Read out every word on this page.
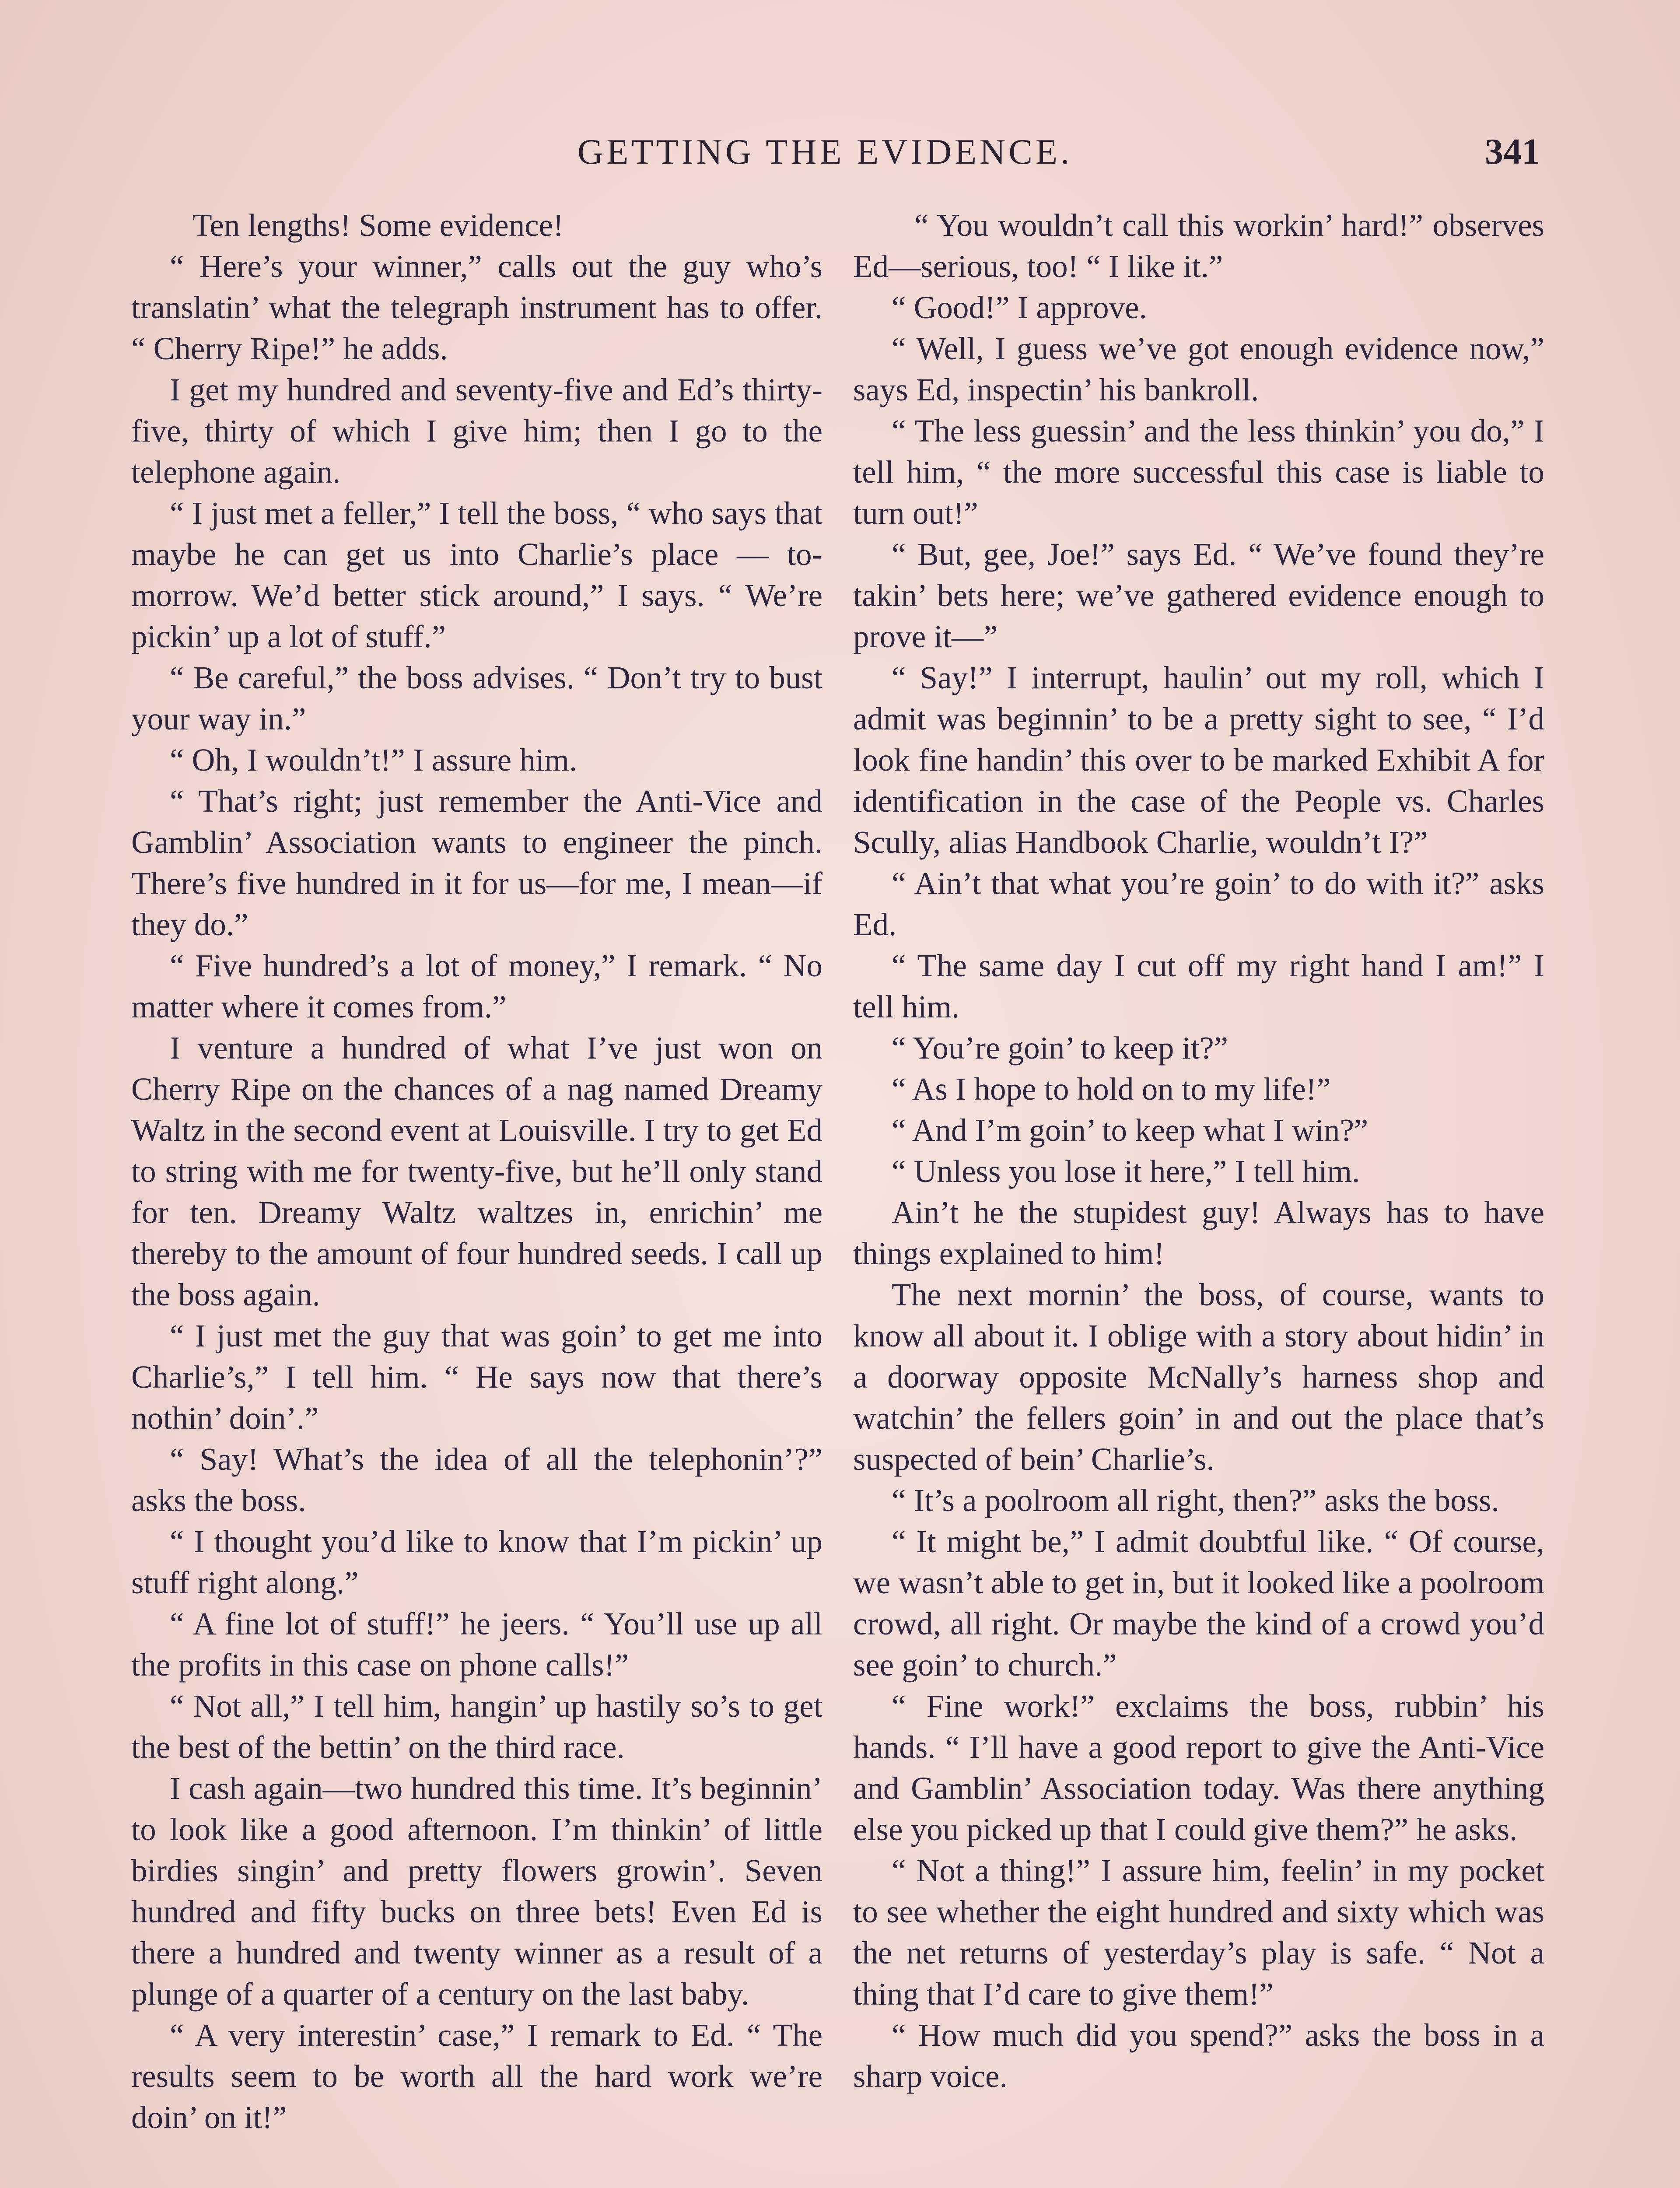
GETTING THE EVIDENCE.	341

Ten lengths! Some evidence!

“ Here’s your winner,” calls out the guy who’s translatin’ what the telegraph instrument has to offer. “ Cherry Ripe!” he adds.

I get my hundred and seventy-five and Ed’s thirty-five, thirty of which I give him; then I go to the telephone again.

“ I just met a feller,” I tell the boss, “ who says that maybe he can get us into Charlie’s place — to-morrow. We’d better stick around,” I says. “ We’re pickin’ up a lot of stuff.”

“ Be careful,” the boss advises. “ Don’t try to bust your way in.”

“ Oh, I wouldn’t!” I assure him.

“ That’s right; just remember the Anti-Vice and Gamblin’ Association wants to engineer the pinch. There’s five hundred in it for us—for me, I mean—if they do.”

“ Five hundred’s a lot of money,” I remark. “ No matter where it comes from.”

I venture a hundred of what I’ve just won on Cherry Ripe on the chances of a nag named Dreamy Waltz in the second event at Louisville. I try to get Ed to string with me for twenty-five, but he’ll only stand for ten. Dreamy Waltz waltzes in, enrichin’ me thereby to the amount of four hundred seeds. I call up the boss again.

“ I just met the guy that was goin’ to get me into Charlie’s,” I tell him. “ He says now that there’s nothin’ doin’.”

“ Say! What’s the idea of all the telephonin’?” asks the boss.

“ I thought you’d like to know that I’m pickin’ up stuff right along.”

“ A fine lot of stuff!” he jeers. “ You’ll use up all the profits in this case on phone calls!”

“ Not all,” I tell him, hangin’ up hastily so’s to get the best of the bettin’ on the third race.

I cash again—two hundred this time. It’s beginnin’ to look like a good afternoon. I’m thinkin’ of little birdies singin’ and pretty flowers growin’. Seven hundred and fifty bucks on three bets! Even Ed is there a hundred and twenty winner as a result of a plunge of a quarter of a century on the last baby.

“ A very interestin’ case,” I remark to Ed. “ The results seem to be worth all the hard work we’re doin’ on it!”

“ You wouldn’t call this workin’ hard!” observes Ed—serious, too! “ I like it.”

“ Good!” I approve.

“ Well, I guess we’ve got enough evidence now,” says Ed, inspectin’ his bankroll.

“ The less guessin’ and the less thinkin’ you do,” I tell him, “ the more successful this case is liable to turn out!”

“ But, gee, Joe!” says Ed. “ We’ve found they’re takin’ bets here; we’ve gathered evidence enough to prove it—”

“ Say!” I interrupt, haulin’ out my roll, which I admit was beginnin’ to be a pretty sight to see, “ I’d look fine handin’ this over to be marked Exhibit A for identification in the case of the People vs. Charles Scully, alias Handbook Charlie, wouldn’t I?”

“ Ain’t that what you’re goin’ to do with it?” asks Ed.

“ The same day I cut off my right hand I am!” I tell him.

“ You’re goin’ to keep it?”

“ As I hope to hold on to my life!”

“ And I’m goin’ to keep what I win?”

“ Unless you lose it here,” I tell him.

Ain’t he the stupidest guy! Always has to have things explained to him!

The next mornin’ the boss, of course, wants to know all about it. I oblige with a story about hidin’ in a doorway opposite McNally’s harness shop and watchin’ the fellers goin’ in and out the place that’s suspected of bein’ Charlie’s.

“ It’s a poolroom all right, then?” asks the boss.

“ It might be,” I admit doubtful like. “ Of course, we wasn’t able to get in, but it looked like a poolroom crowd, all right. Or maybe the kind of a crowd you’d see goin’ to church.”

“ Fine work!” exclaims the boss, rubbin’ his hands. “ I’ll have a good report to give the Anti-Vice and Gamblin’ Association today. Was there anything else you picked up that I could give them?” he asks.

“ Not a thing!” I assure him, feelin’ in my pocket to see whether the eight hundred and sixty which was the net returns of yesterday’s play is safe. “ Not a thing that I’d care to give them!”

“ How much did you spend?” asks the boss in a sharp voice.
